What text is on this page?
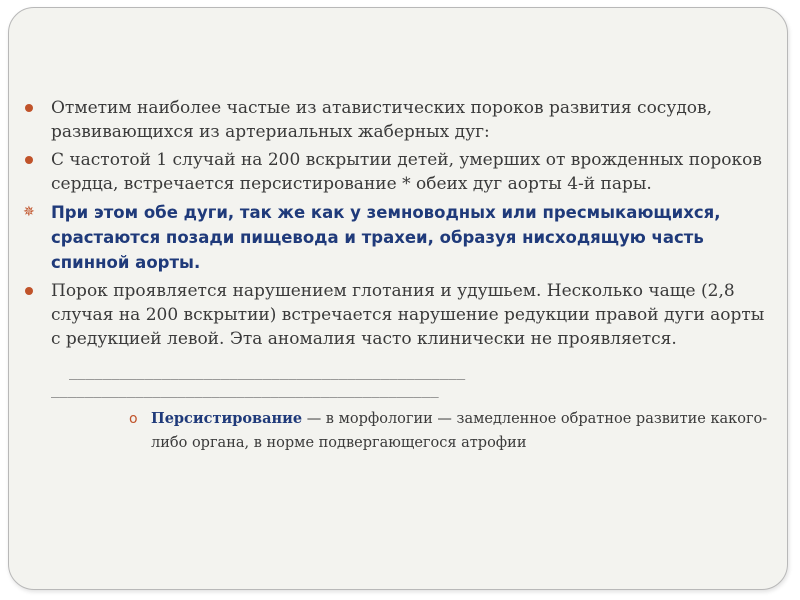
Отметим наиболее частые из атавистических пороков развития сосудов, развивающихся из артериальных жаберных дуг:
С частотой 1 случай на 200 вскрытии детей, умерших от врожденных пороков сердца, встречается персистирование * обеих дуг аорты 4-й пары.
✵ При этом обе дуги, так же как у земноводных или пресмыкающихся, срастаются позади пищевода и трахеи, образуя нисходящую часть спинной аорты.
Порок проявляется нарушением глотания и удушьем. Несколько чаще (2,8 случая на 200 вскрытии) встречается нарушение редукции правой дуги аорты с редукцией левой. Эта аномалия часто клинически не проявляется.
_______________________________________________
______________________________________________
o Персистирование — в морфологии — замедленное обратное развитие какого-либо органа, в норме подвергающегося атрофии
